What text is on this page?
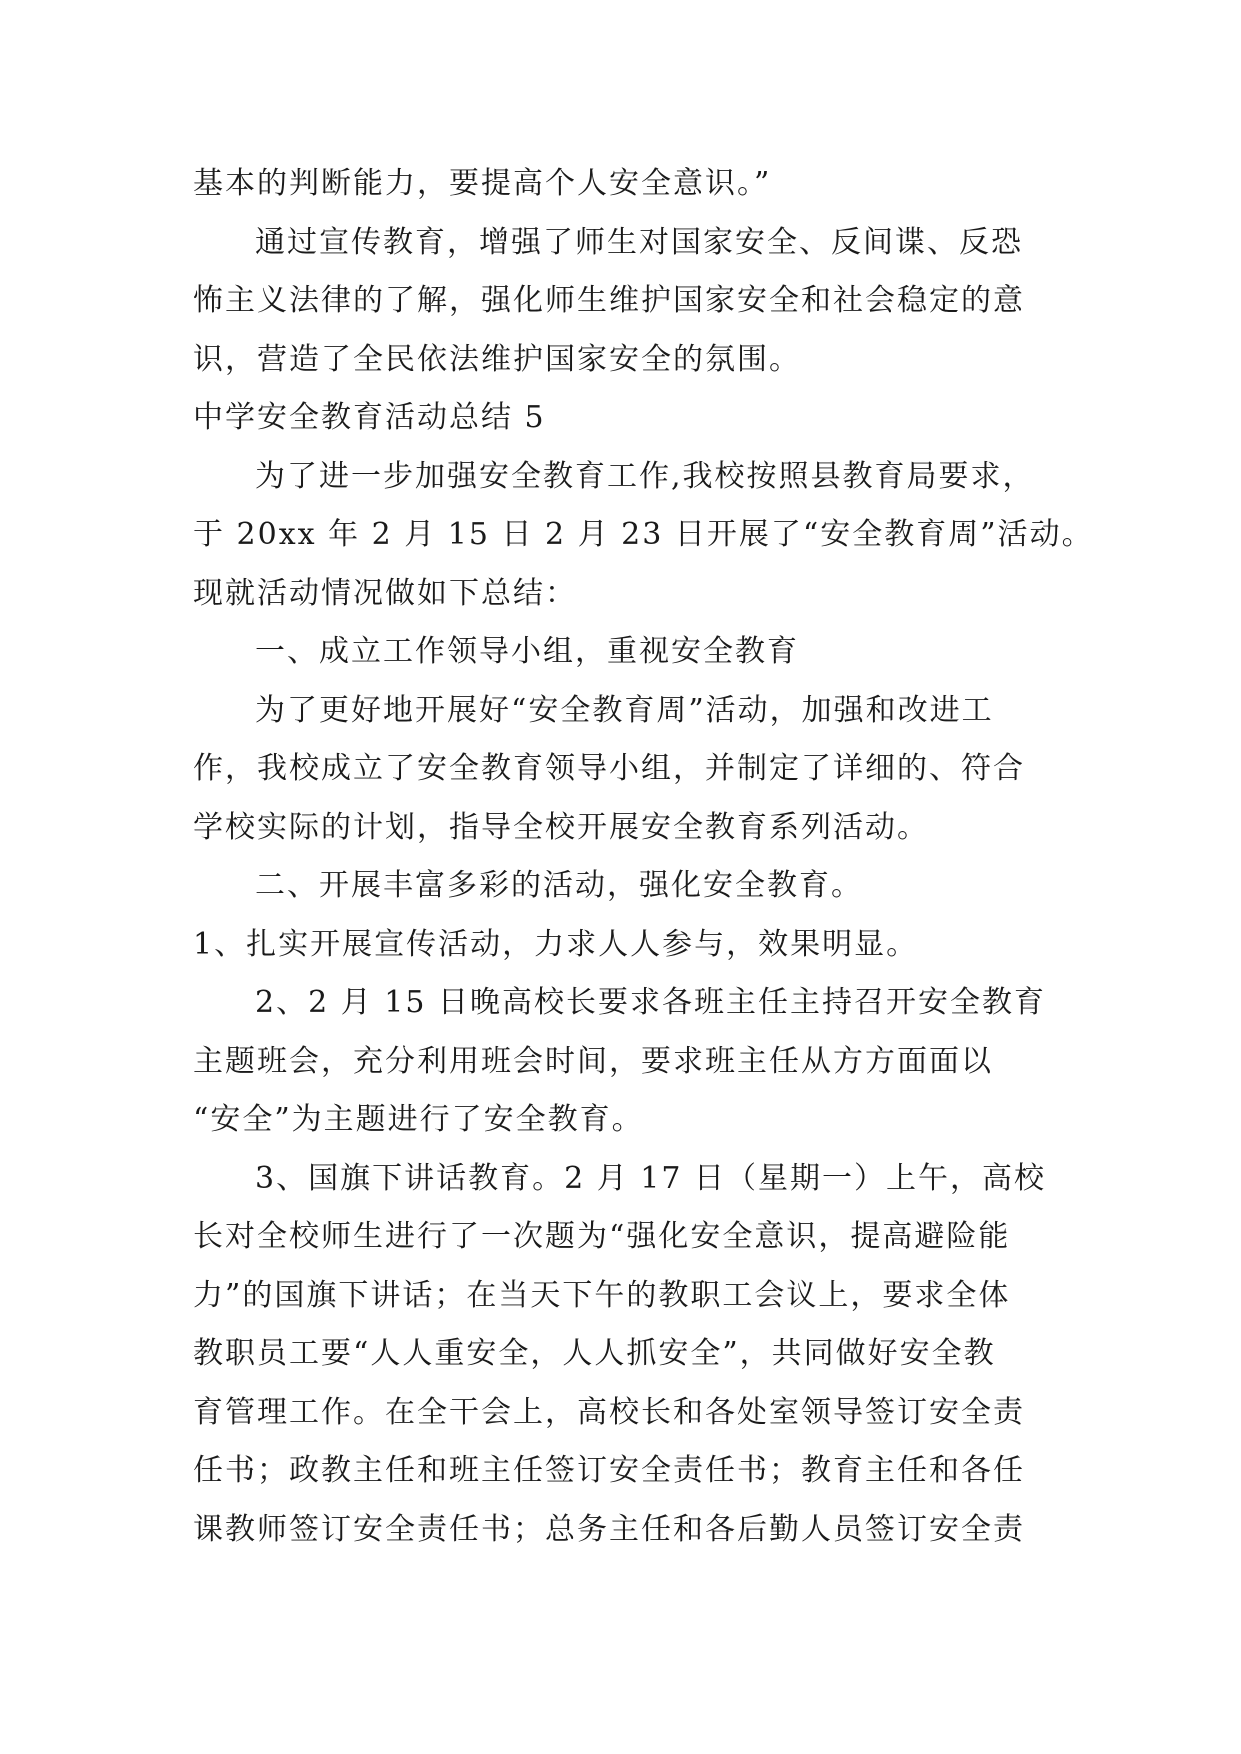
基本的判断能力，要提高个人安全意识。”
通过宣传教育，增强了师生对国家安全、反间谍、反恐
怖主义法律的了解，强化师生维护国家安全和社会稳定的意
识，营造了全民依法维护国家安全的氛围。
中学安全教育活动总结 5
为了进一步加强安全教育工作,我校按照县教育局要求，
于 20xx 年 2 月 15 日 2 月 23 日开展了“安全教育周”活动。
现就活动情况做如下总结：
一、成立工作领导小组，重视安全教育
为了更好地开展好“安全教育周”活动，加强和改进工
作，我校成立了安全教育领导小组，并制定了详细的、符合
学校实际的计划，指导全校开展安全教育系列活动。
二、开展丰富多彩的活动，强化安全教育。
1、扎实开展宣传活动，力求人人参与，效果明显。
2、2 月 15 日晚高校长要求各班主任主持召开安全教育
主题班会，充分利用班会时间，要求班主任从方方面面以
“安全”为主题进行了安全教育。
3、国旗下讲话教育。2 月 17 日（星期一）上午，高校
长对全校师生进行了一次题为“强化安全意识，提高避险能
力”的国旗下讲话；在当天下午的教职工会议上，要求全体
教职员工要“人人重安全，人人抓安全”，共同做好安全教
育管理工作。在全干会上，高校长和各处室领导签订安全责
任书；政教主任和班主任签订安全责任书；教育主任和各任
课教师签订安全责任书；总务主任和各后勤人员签订安全责
